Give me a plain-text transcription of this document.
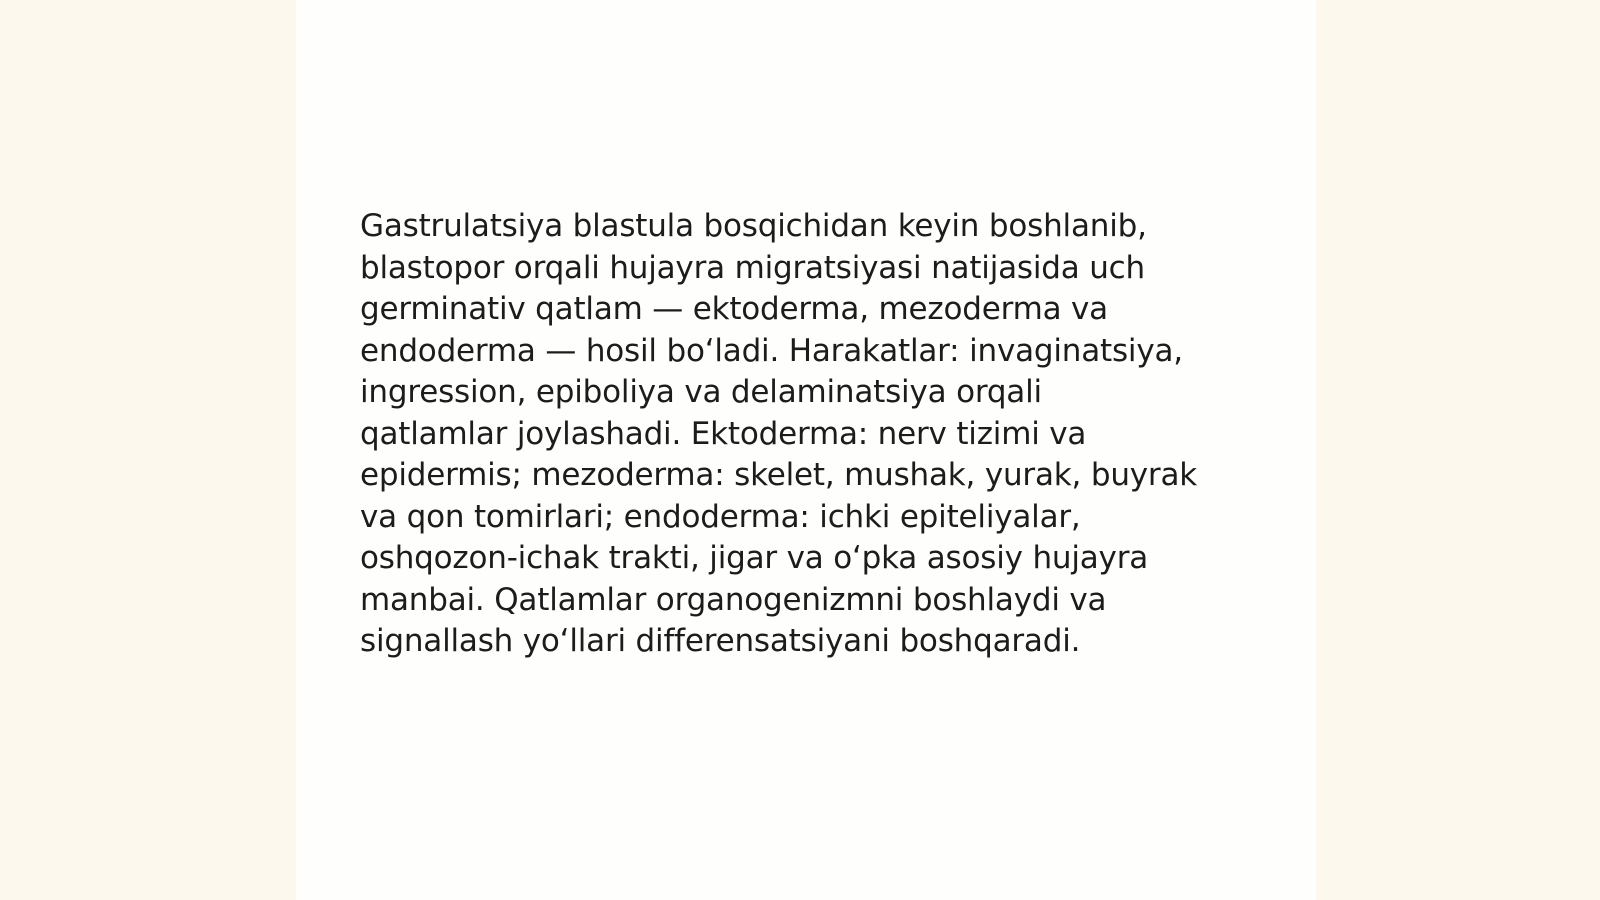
Gastrulatsiya blastula bosqichidan keyin boshlanib,
blastopor orqali hujayra migratsiyasi natijasida uch
germinativ qatlam — ektoderma, mezoderma va
endoderma — hosil bo‘ladi. Harakatlar: invaginatsiya,
ingression, epiboliya va delaminatsiya orqali
qatlamlar joylashadi. Ektoderma: nerv tizimi va
epidermis; mezoderma: skelet, mushak, yurak, buyrak
va qon tomirlari; endoderma: ichki epiteliyalar,
oshqozon-ichak trakti, jigar va o‘pka asosiy hujayra
manbai. Qatlamlar organogenizmni boshlaydi va
signallash yo‘llari differensatsiyani boshqaradi.
